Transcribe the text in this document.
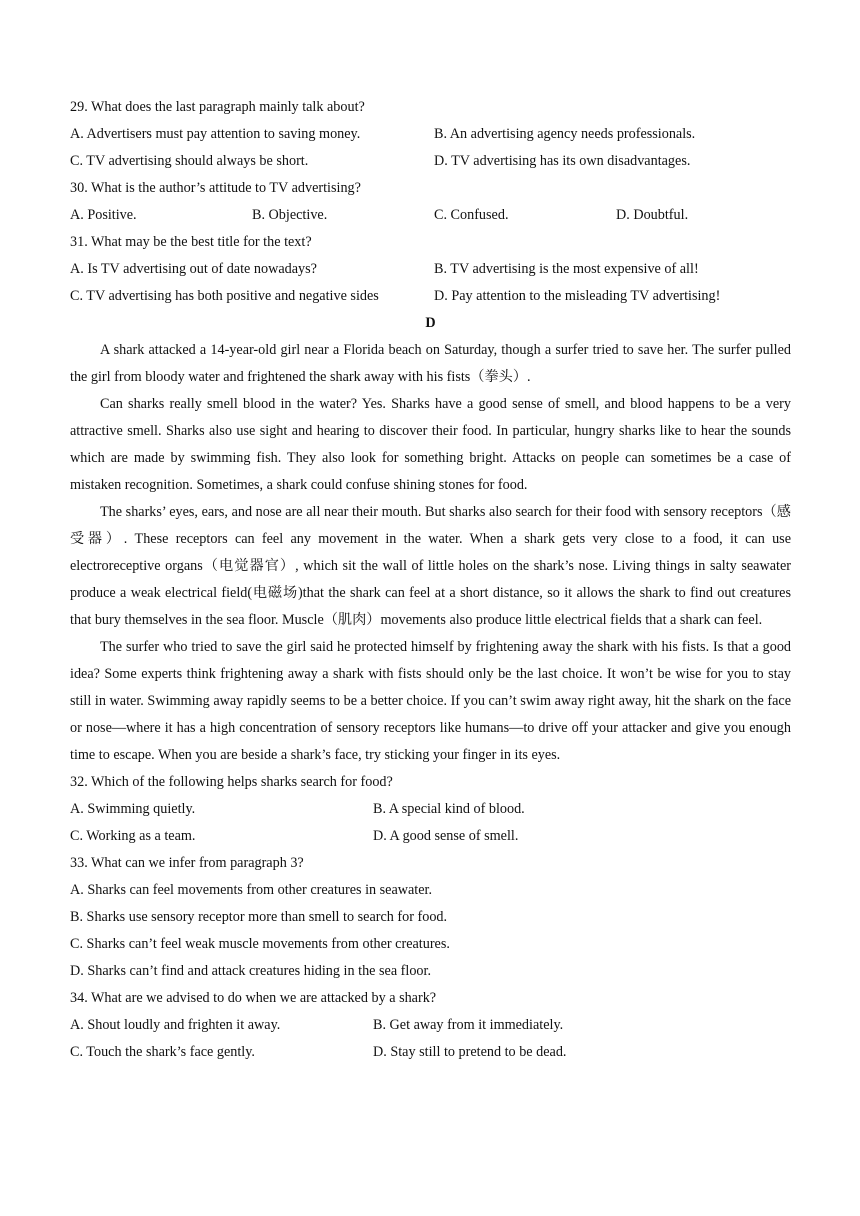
29. What does the last paragraph mainly talk about?
A. Advertisers must pay attention to saving money.	B. An advertising agency needs professionals.
C. TV advertising should always be short.	D. TV advertising has its own disadvantages.
30. What is the author’s attitude to TV advertising?
A. Positive.	B. Objective.	C. Confused.	D. Doubtful.
31. What may be the best title for the text?
A. Is TV advertising out of date nowadays?	B. TV advertising is the most expensive of all!
C. TV advertising has both positive and negative sides	D. Pay attention to the misleading TV advertising!
D

A shark attacked a 14-year-old girl near a Florida beach on Saturday, though a surfer tried to save her. The surfer pulled the girl from bloody water and frightened the shark away with his fists（拳头）.

Can sharks really smell blood in the water? Yes. Sharks have a good sense of smell, and blood happens to be a very attractive smell. Sharks also use sight and hearing to discover their food. In particular, hungry sharks like to hear the sounds which are made by swimming fish. They also look for something bright. Attacks on people can sometimes be a case of mistaken recognition. Sometimes, a shark could confuse shining stones for food.

The sharks’ eyes, ears, and nose are all near their mouth. But sharks also search for their food with sensory receptors（感受器）. These receptors can feel any movement in the water. When a shark gets very close to a food, it can use electroreceptive organs（电觉器官）, which sit the wall of little holes on the shark’s nose. Living things in salty seawater produce a weak electrical field(电磁场)that the shark can feel at a short distance, so it allows the shark to find out creatures that bury themselves in the sea floor. Muscle（肌肉）movements also produce little electrical fields that a shark can feel.

The surfer who tried to save the girl said he protected himself by frightening away the shark with his fists. Is that a good idea? Some experts think frightening away a shark with fists should only be the last choice. It won’t be wise for you to stay still in water. Swimming away rapidly seems to be a better choice. If you can’t swim away right away, hit the shark on the face or nose—where it has a high concentration of sensory receptors like humans—to drive off your attacker and give you enough time to escape. When you are beside a shark’s face, try sticking your finger in its eyes.

32. Which of the following helps sharks search for food?
A. Swimming quietly.	B. A special kind of blood.
C. Working as a team.	D. A good sense of smell.
33. What can we infer from paragraph 3?
A. Sharks can feel movements from other creatures in seawater.
B. Sharks use sensory receptor more than smell to search for food.
C. Sharks can’t feel weak muscle movements from other creatures.
D. Sharks can’t find and attack creatures hiding in the sea floor.
34. What are we advised to do when we are attacked by a shark?
A. Shout loudly and frighten it away.	B. Get away from it immediately.
C. Touch the shark’s face gently.	D. Stay still to pretend to be dead.
